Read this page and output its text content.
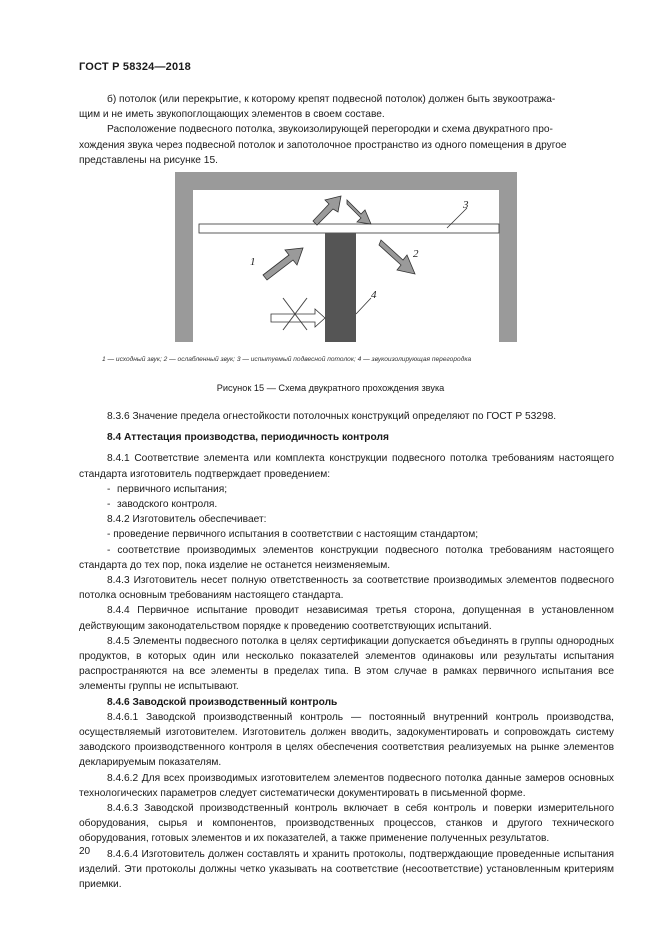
ГОСТ Р 58324—2018

б) потолок (или перекрытие, к которому крепят подвесной потолок) должен быть звукоотража-
щим и не иметь звукопоглощающих элементов в своем составе.

Расположение подвесного потолка, звукоизолирующей перегородки и схема двукратного про-
хождения звука через подвесной потолок и запотолочное пространство из одного помещения в другое
представлены на рисунке 15.

1
2
3
4
1 — исходный звук; 2 — ослабленный звук; 3 — испытуемый подвесной потолок; 4 — звукоизолирующая перегородка
Рисунок 15 — Схема двукратного прохождения звука

8.3.6 Значение предела огнестойкости потолочных конструкций определяют по ГОСТ Р 53298.

8.4 Аттестация производства, периодичность контроля

8.4.1 Соответствие элемента или комплекта конструкции подвесного потолка требованиям настоящего стандарта изготовитель подтверждает проведением:

- первичного испытания;

- заводского контроля.

8.4.2 Изготовитель обеспечивает:

- проведение первичного испытания в соответствии с настоящим стандартом;

- соответствие производимых элементов конструкции подвесного потолка требованиям настоящего стандарта до тех пор, пока изделие не останется неизменяемым.

8.4.3 Изготовитель несет полную ответственность за соответствие производимых элементов подвесного потолка основным требованиям настоящего стандарта.

8.4.4 Первичное испытание проводит независимая третья сторона, допущенная в установленном действующим законодательством порядке к проведению соответствующих испытаний.

8.4.5 Элементы подвесного потолка в целях сертификации допускается объединять в группы однородных продуктов, в которых один или несколько показателей элементов одинаковы или результаты испытания распространяются на все элементы в пределах типа. В этом случае в рамках первичного испытания все элементы группы не испытывают.

8.4.6 Заводской производственный контроль

8.4.6.1 Заводской производственный контроль — постоянный внутренний контроль производства, осуществляемый изготовителем. Изготовитель должен вводить, задокументировать и сопровождать систему заводского производственного контроля в целях обеспечения соответствия реализуемых на рынке элементов декларируемым показателям.

8.4.6.2 Для всех производимых изготовителем элементов подвесного потолка данные замеров основных технологических параметров следует систематически документировать в письменной форме.

8.4.6.3 Заводской производственный контроль включает в себя контроль и поверки измерительного оборудования, сырья и компонентов, производственных процессов, станков и другого технического оборудования, готовых элементов и их показателей, а также применение полученных результатов.

8.4.6.4 Изготовитель должен составлять и хранить протоколы, подтверждающие проведенные испытания изделий. Эти протоколы должны четко указывать на соответствие (несоответствие) установленным критериям приемки.

20
